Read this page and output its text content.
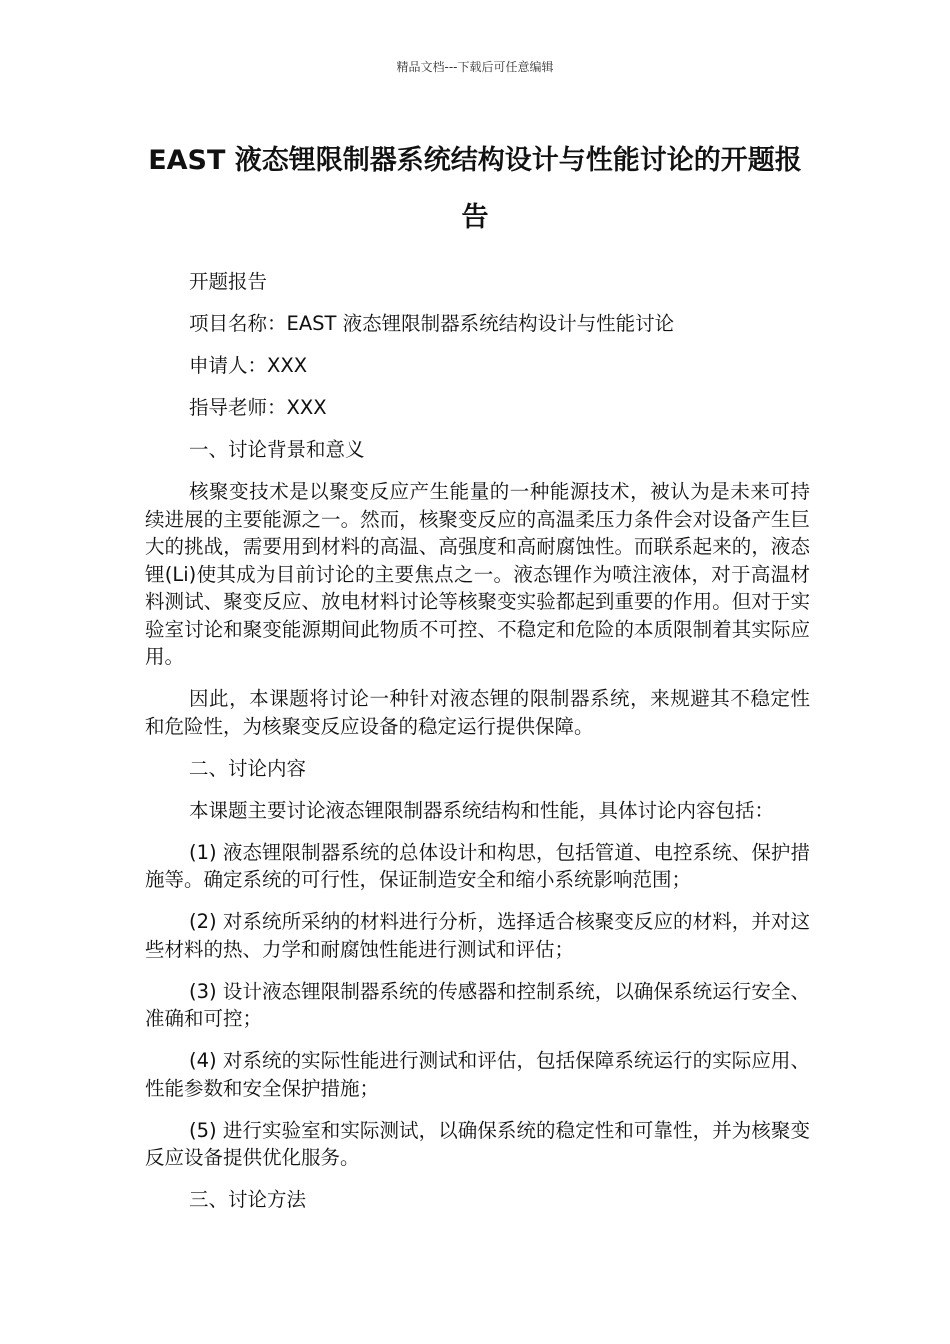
精品文档---下载后可任意编辑
EAST 液态锂限制器系统结构设计与性能讨论的开题报告

开题报告

项目名称：EAST 液态锂限制器系统结构设计与性能讨论

申请人：XXX

指导老师：XXX

一、讨论背景和意义

核聚变技术是以聚变反应产生能量的一种能源技术，被认为是未来可持续进展的主要能源之一。然而，核聚变反应的高温柔压力条件会对设备产生巨大的挑战，需要用到材料的高温、高强度和高耐腐蚀性。而联系起来的，液态锂(Li)使其成为目前讨论的主要焦点之一。液态锂作为喷注液体，对于高温材料测试、聚变反应、放电材料讨论等核聚变实验都起到重要的作用。但对于实验室讨论和聚变能源期间此物质不可控、不稳定和危险的本质限制着其实际应用。

因此，本课题将讨论一种针对液态锂的限制器系统，来规避其不稳定性和危险性，为核聚变反应设备的稳定运行提供保障。

二、讨论内容

本课题主要讨论液态锂限制器系统结构和性能，具体讨论内容包括：

(1) 液态锂限制器系统的总体设计和构思，包括管道、电控系统、保护措施等。确定系统的可行性，保证制造安全和缩小系统影响范围；

(2) 对系统所采纳的材料进行分析，选择适合核聚变反应的材料，并对这些材料的热、力学和耐腐蚀性能进行测试和评估；

(3) 设计液态锂限制器系统的传感器和控制系统，以确保系统运行安全、准确和可控；

(4) 对系统的实际性能进行测试和评估，包括保障系统运行的实际应用、性能参数和安全保护措施；

(5) 进行实验室和实际测试，以确保系统的稳定性和可靠性，并为核聚变反应设备提供优化服务。

三、讨论方法
